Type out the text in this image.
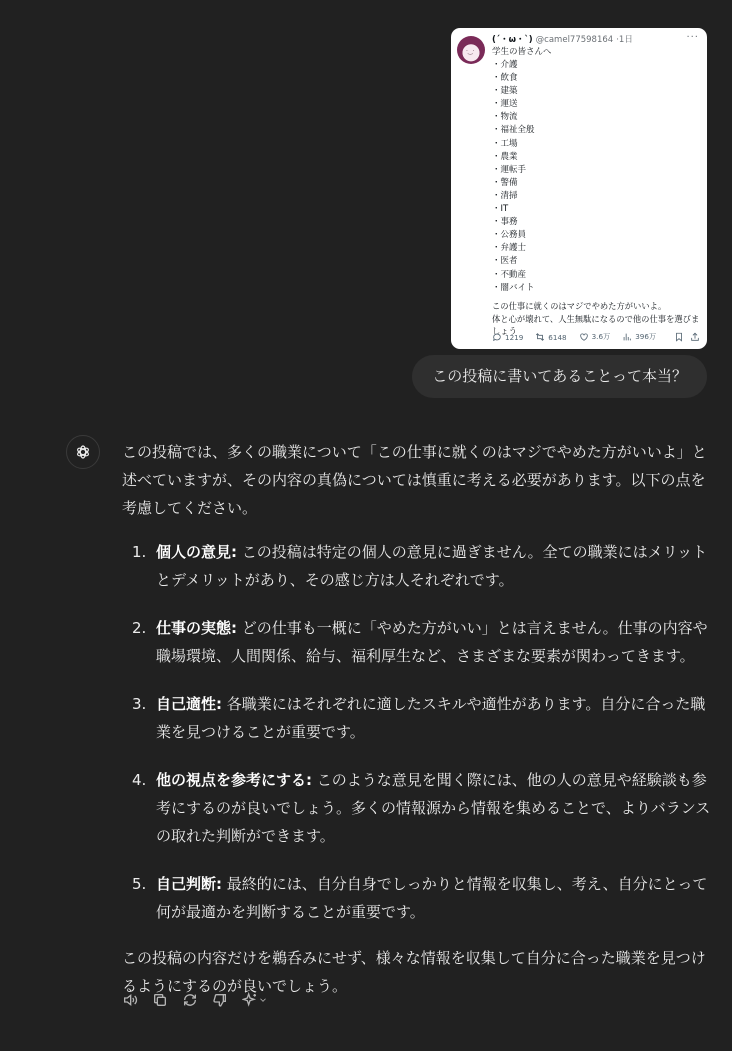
·‿·
(´・ω・`) @camel77598164 ·1日	···
学生の皆さんへ
・介護
・飲食
・建築
・運送
・物流
・福祉全般
・工場
・農業
・運転手
・警備
・清掃
・IT
・事務
・公務員
・弁護士
・医者
・不動産
・闇バイト
この仕事に就くのはマジでやめた方がいいよ。
体と心が壊れて、人生無駄になるので他の仕事を選びましょう
1219	6148	3.6万	396万
この投稿に書いてあることって本当？

この投稿では、多くの職業について「この仕事に就くのはマジでやめた方がいいよ」と述べていますが、その内容の真偽については慎重に考える必要があります。以下の点を考慮してください。

1. 個人の意見: この投稿は特定の個人の意見に過ぎません。全ての職業にはメリットとデメリットがあり、その感じ方は人それぞれです。
2. 仕事の実態: どの仕事も一概に「やめた方がいい」とは言えません。仕事の内容や職場環境、人間関係、給与、福利厚生など、さまざまな要素が関わってきます。
3. 自己適性: 各職業にはそれぞれに適したスキルや適性があります。自分に合った職業を見つけることが重要です。
4. 他の視点を参考にする: このような意見を聞く際には、他の人の意見や経験談も参考にするのが良いでしょう。多くの情報源から情報を集めることで、よりバランスの取れた判断ができます。
5. 自己判断: 最終的には、自分自身でしっかりと情報を収集し、考え、自分にとって何が最適かを判断することが重要です。

この投稿の内容だけを鵜呑みにせず、様々な情報を収集して自分に合った職業を見つけるようにするのが良いでしょう。
